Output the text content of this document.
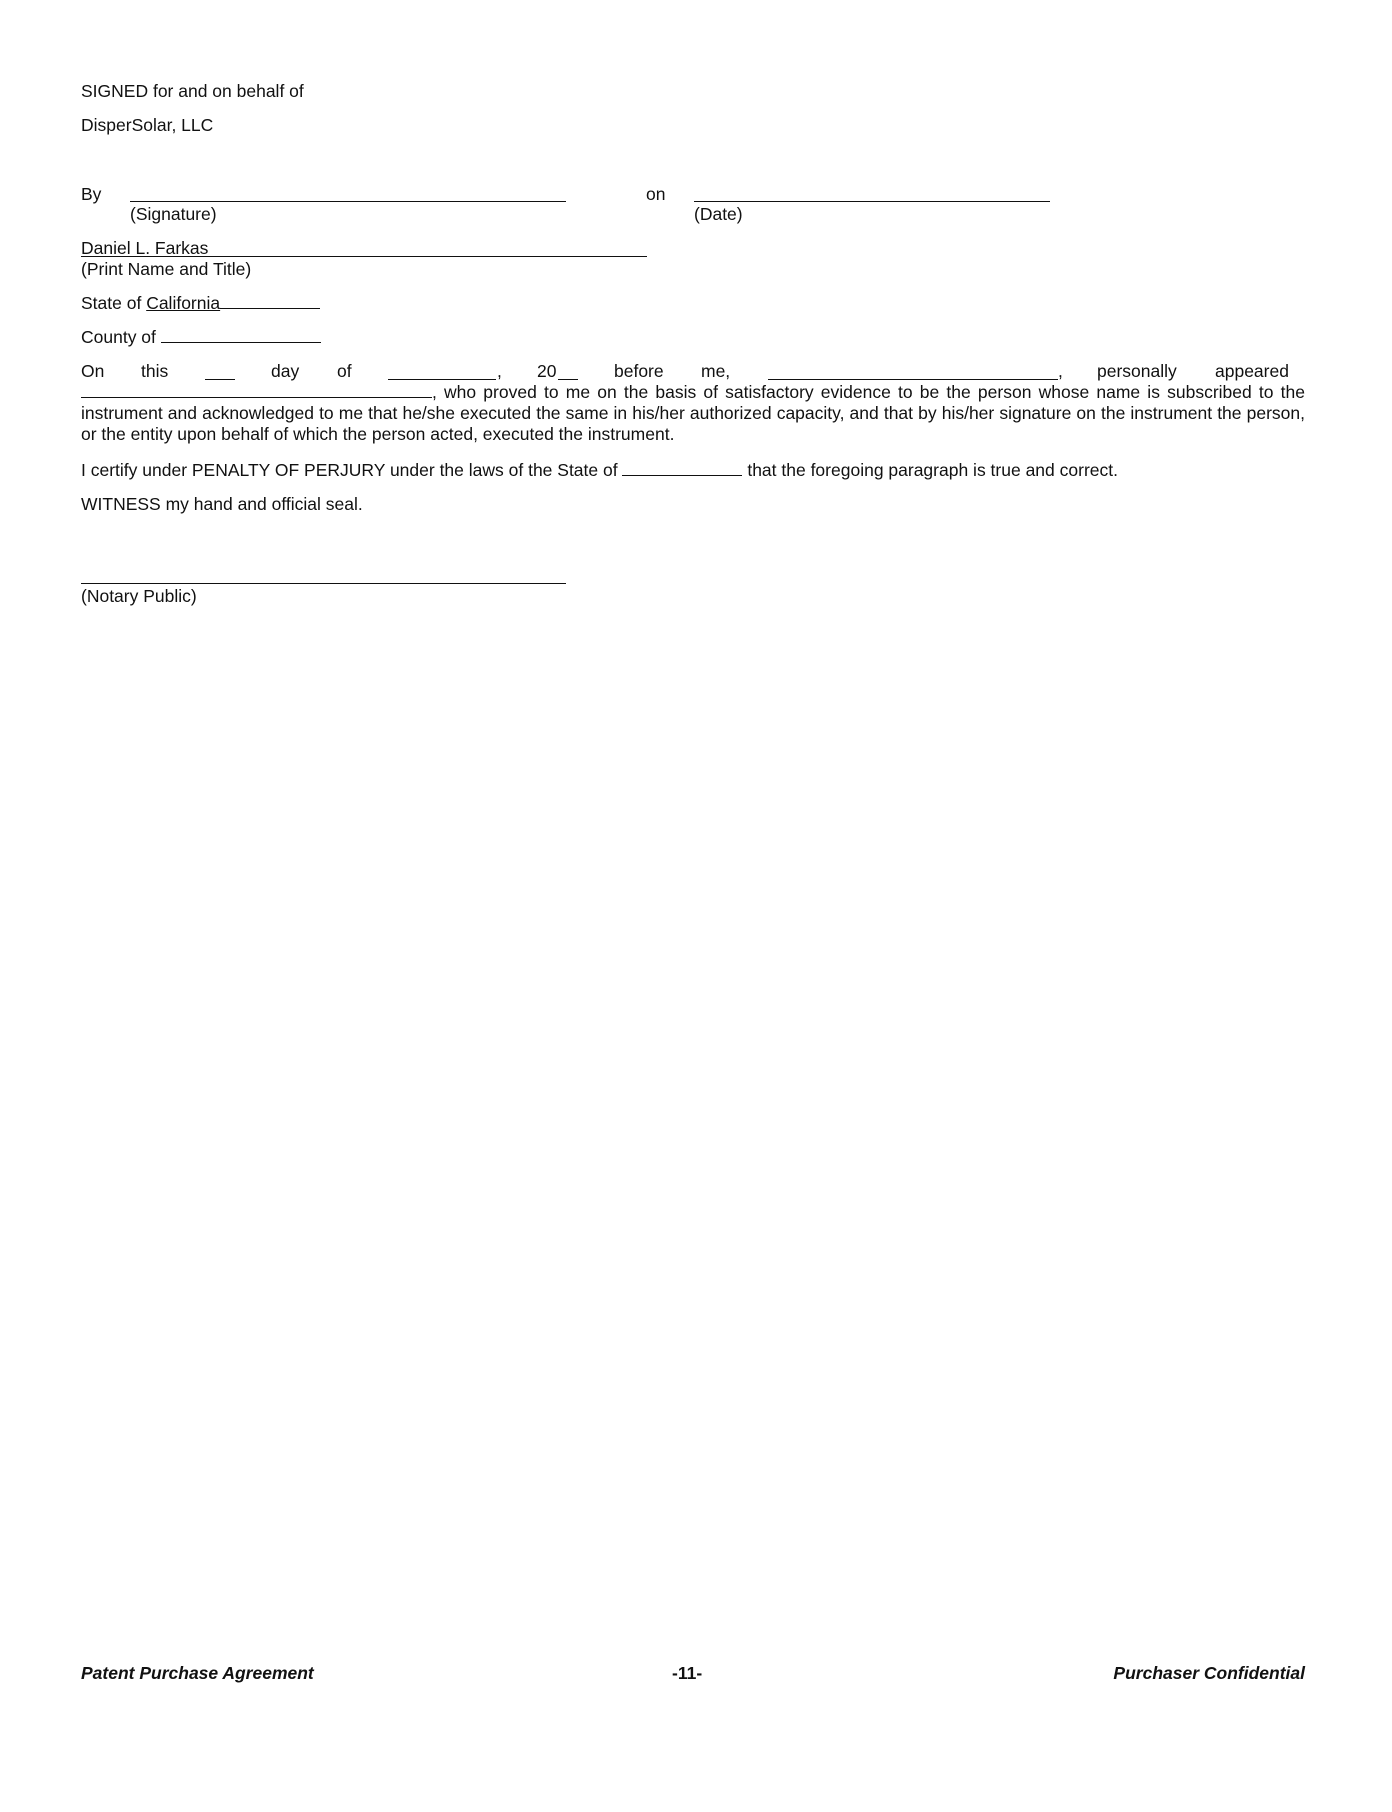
SIGNED for and on behalf of
DisperSolar, LLC
By
(Signature)
on
(Date)
Daniel L. Farkas
(Print Name and Title)
State of California
County of
On this	day of	, 20	before me,	, personally appeared
, who proved to me on the basis of satisfactory evidence to be the person whose name is subscribed to the instrument and acknowledged to me that he/she executed the same in his/her authorized capacity, and that by his/her signature on the instrument the person, or the entity upon behalf of which the person acted, executed the instrument.
I certify under PENALTY OF PERJURY under the laws of the State of	that the foregoing paragraph is true and correct.
WITNESS my hand and official seal.
(Notary Public)
Patent Purchase Agreement	-11-	Purchaser Confidential
